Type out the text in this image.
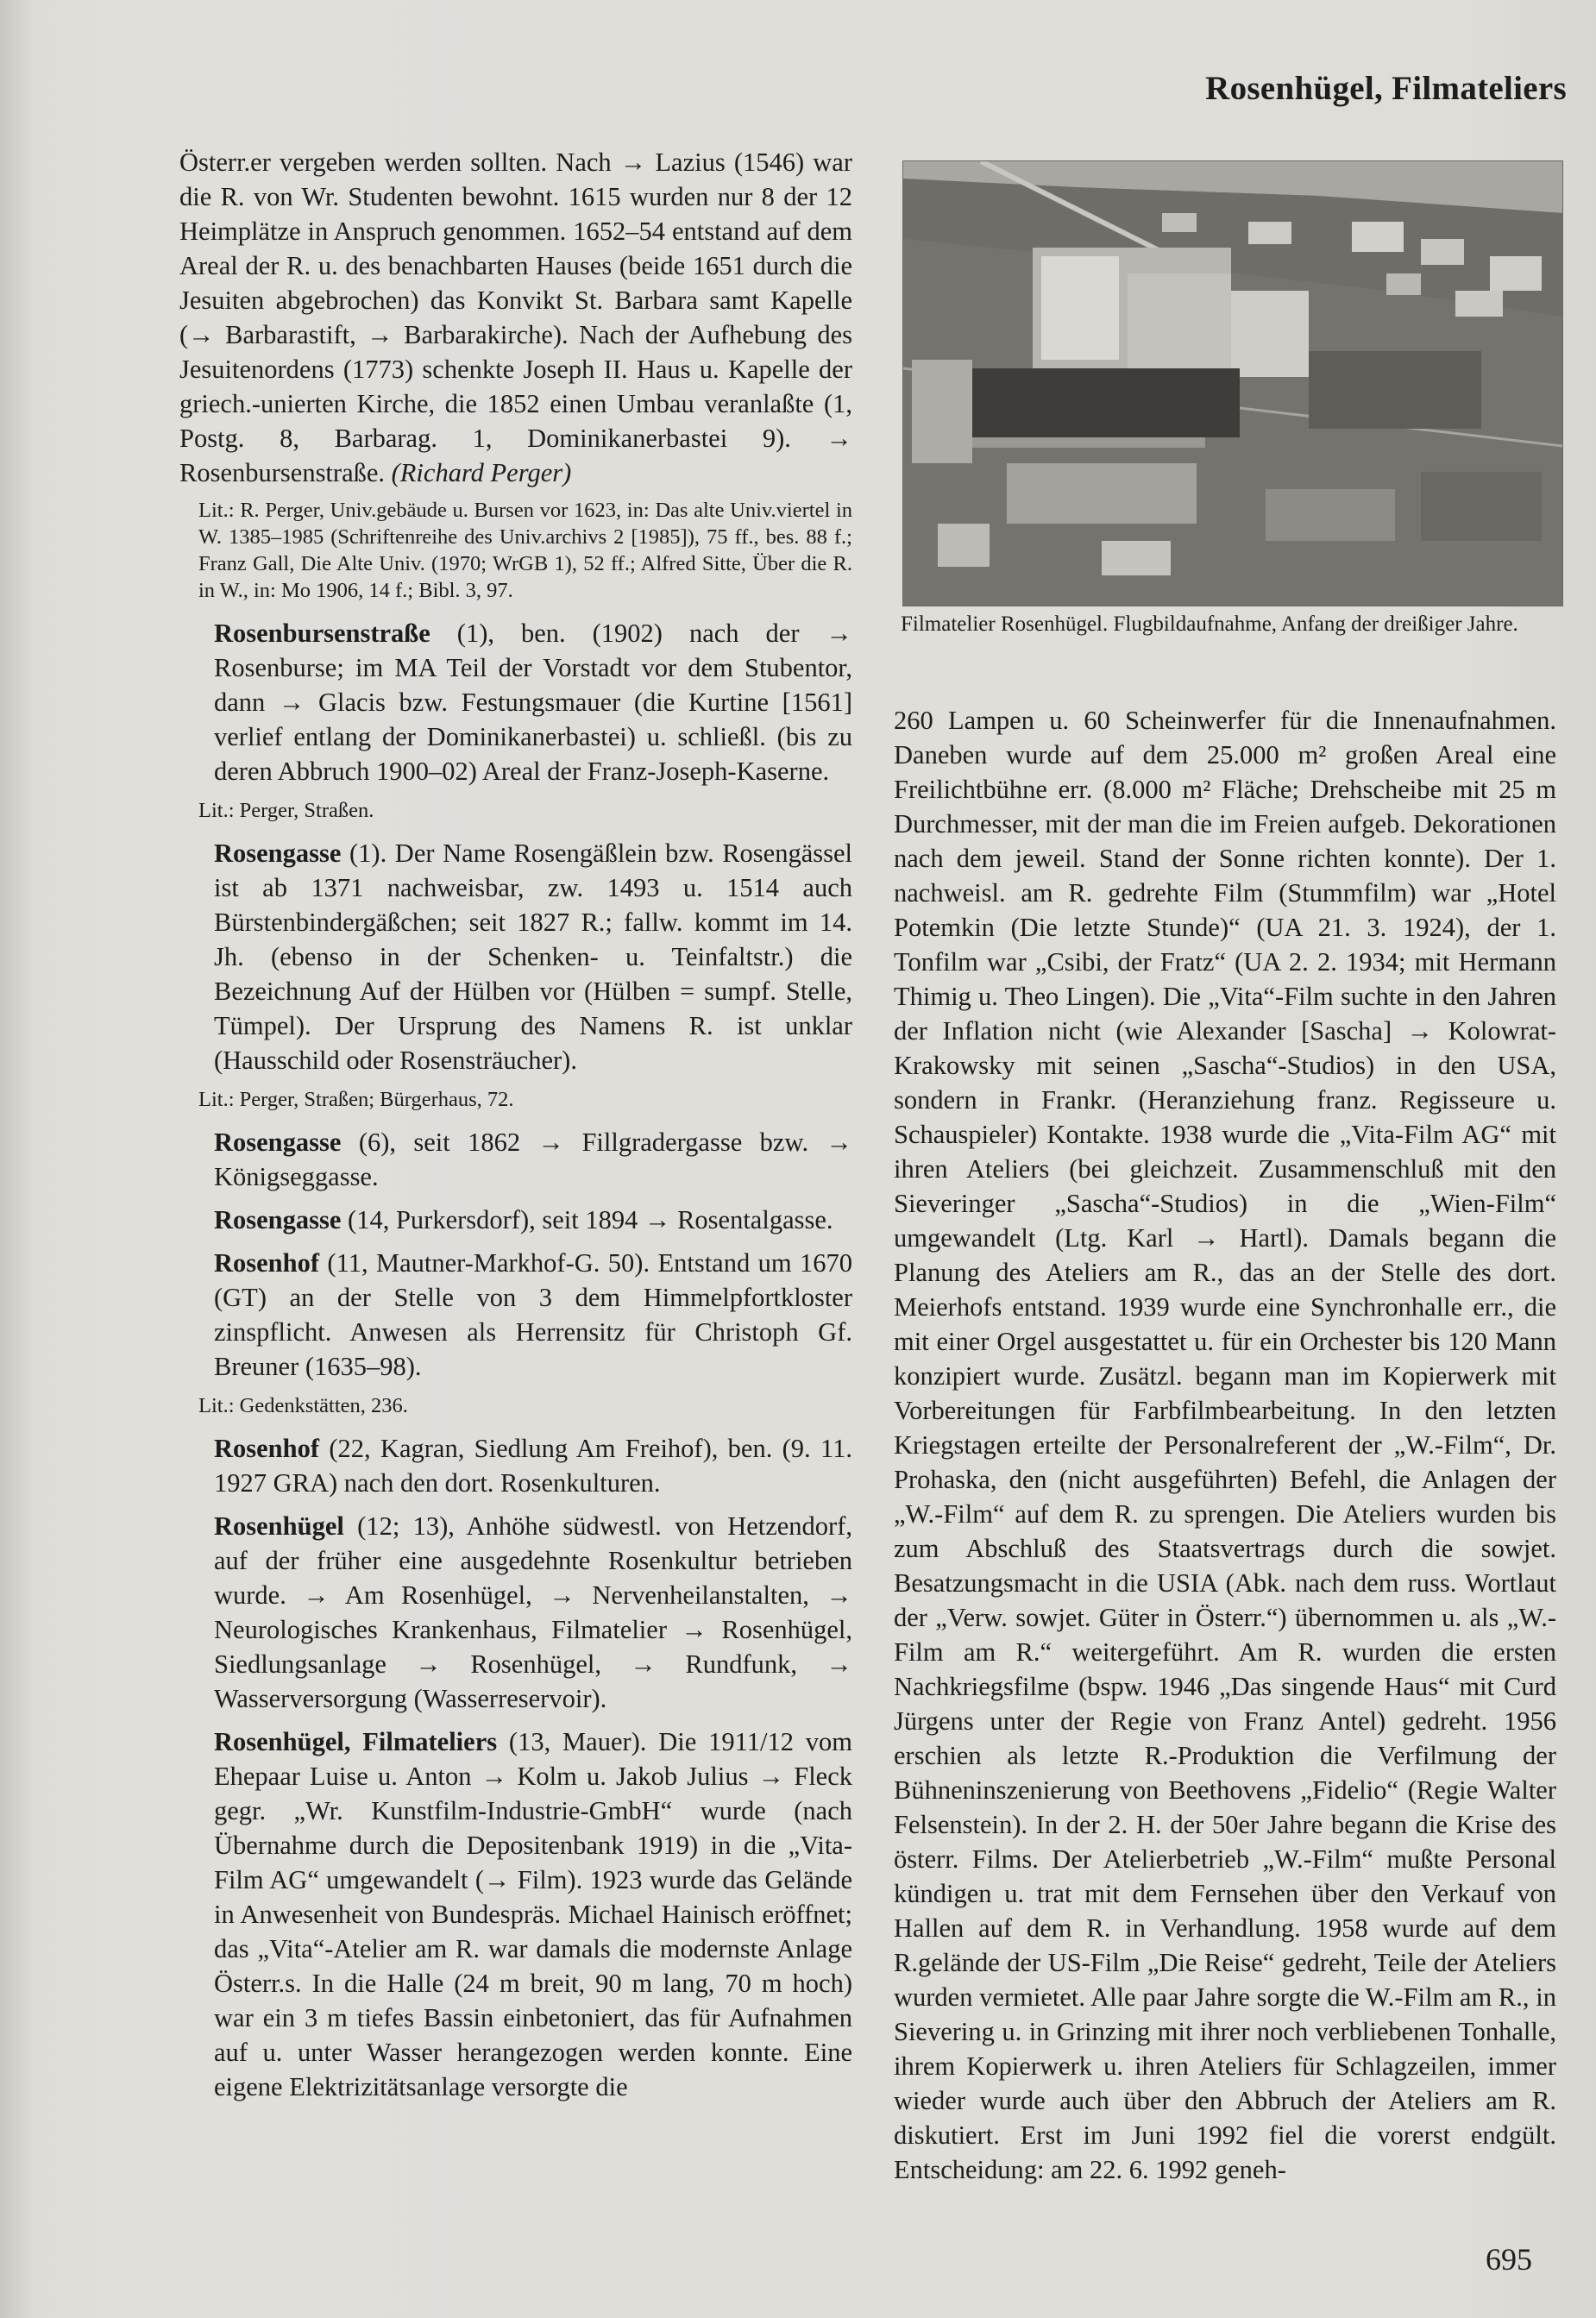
Rosenhügel, Filmateliers

Österr.er vergeben werden sollten. Nach → Lazius (1546) war die R. von Wr. Studenten bewohnt. 1615 wurden nur 8 der 12 Heimplätze in Anspruch genommen. 1652–54 entstand auf dem Areal der R. u. des benachbarten Hauses (beide 1651 durch die Jesuiten abgebrochen) das Konvikt St. Barbara samt Kapelle (→ Barbarastift, → Barbarakirche). Nach der Aufhebung des Jesuitenordens (1773) schenkte Joseph II. Haus u. Kapelle der griech.-unierten Kirche, die 1852 einen Umbau veranlaßte (1, Postg. 8, Barbarag. 1, Dominikanerbastei 9). → Rosenbursenstraße. (Richard Perger)

Lit.: R. Perger, Univ.gebäude u. Bursen vor 1623, in: Das alte Univ.viertel in W. 1385–1985 (Schriftenreihe des Univ.archivs 2 [1985]), 75 ff., bes. 88 f.; Franz Gall, Die Alte Univ. (1970; WrGB 1), 52 ff.; Alfred Sitte, Über die R. in W., in: Mo 1906, 14 f.; Bibl. 3, 97.

Rosenbursenstraße (1), ben. (1902) nach der → Rosenburse; im MA Teil der Vorstadt vor dem Stubentor, dann → Glacis bzw. Festungsmauer (die Kurtine [1561] verlief entlang der Dominikanerbastei) u. schließl. (bis zu deren Abbruch 1900–02) Areal der Franz-Joseph-Kaserne.

Lit.: Perger, Straßen.

Rosengasse (1). Der Name Rosengäßlein bzw. Rosengässel ist ab 1371 nachweisbar, zw. 1493 u. 1514 auch Bürstenbindergäßchen; seit 1827 R.; fallw. kommt im 14. Jh. (ebenso in der Schenken- u. Teinfaltstr.) die Bezeichnung Auf der Hülben vor (Hülben = sumpf. Stelle, Tümpel). Der Ursprung des Namens R. ist unklar (Hausschild oder Rosensträucher).

Lit.: Perger, Straßen; Bürgerhaus, 72.

Rosengasse (6), seit 1862 → Fillgradergasse bzw. → Königseggasse.

Rosengasse (14, Purkersdorf), seit 1894 → Rosentalgasse.

Rosenhof (11, Mautner-Markhof-G. 50). Entstand um 1670 (GT) an der Stelle von 3 dem Himmelpfortkloster zinspflicht. Anwesen als Herrensitz für Christoph Gf. Breuner (1635–98).

Lit.: Gedenkstätten, 236.

Rosenhof (22, Kagran, Siedlung Am Freihof), ben. (9. 11. 1927 GRA) nach den dort. Rosenkulturen.

Rosenhügel (12; 13), Anhöhe südwestl. von Hetzendorf, auf der früher eine ausgedehnte Rosenkultur betrieben wurde. → Am Rosenhügel, → Nervenheilanstalten, → Neurologisches Krankenhaus, Filmatelier → Rosenhügel, Siedlungsanlage → Rosenhügel, → Rundfunk, → Wasserversorgung (Wasserreservoir).

Rosenhügel, Filmateliers (13, Mauer). Die 1911/12 vom Ehepaar Luise u. Anton → Kolm u. Jakob Julius → Fleck gegr. „Wr. Kunstfilm-Industrie-GmbH“ wurde (nach Übernahme durch die Depositenbank 1919) in die „Vita-Film AG“ umgewandelt (→ Film). 1923 wurde das Gelände in Anwesenheit von Bundespräs. Michael Hainisch eröffnet; das „Vita“-Atelier am R. war damals die modernste Anlage Österr.s. In die Halle (24 m breit, 90 m lang, 70 m hoch) war ein 3 m tiefes Bassin einbetoniert, das für Aufnahmen auf u. unter Wasser herangezogen werden konnte. Eine eigene Elektrizitätsanlage versorgte die

Filmatelier Rosenhügel. Flugbildaufnahme, Anfang der dreißiger Jahre.

260 Lampen u. 60 Scheinwerfer für die Innenaufnahmen. Daneben wurde auf dem 25.000 m² großen Areal eine Freilichtbühne err. (8.000 m² Fläche; Drehscheibe mit 25 m Durchmesser, mit der man die im Freien aufgeb. Dekorationen nach dem jeweil. Stand der Sonne richten konnte). Der 1. nachweisl. am R. gedrehte Film (Stummfilm) war „Hotel Potemkin (Die letzte Stunde)“ (UA 21. 3. 1924), der 1. Tonfilm war „Csibi, der Fratz“ (UA 2. 2. 1934; mit Hermann Thimig u. Theo Lingen). Die „Vita“-Film suchte in den Jahren der Inflation nicht (wie Alexander [Sascha] → Kolowrat-Krakowsky mit seinen „Sascha“-Studios) in den USA, sondern in Frankr. (Heranziehung franz. Regisseure u. Schauspieler) Kontakte. 1938 wurde die „Vita-Film AG“ mit ihren Ateliers (bei gleichzeit. Zusammenschluß mit den Sieveringer „Sascha“-Studios) in die „Wien-Film“ umgewandelt (Ltg. Karl → Hartl). Damals begann die Planung des Ateliers am R., das an der Stelle des dort. Meierhofs entstand. 1939 wurde eine Synchronhalle err., die mit einer Orgel ausgestattet u. für ein Orchester bis 120 Mann konzipiert wurde. Zusätzl. begann man im Kopierwerk mit Vorbereitungen für Farbfilmbearbeitung. In den letzten Kriegstagen erteilte der Personalreferent der „W.-Film“, Dr. Prohaska, den (nicht ausgeführten) Befehl, die Anlagen der „W.-Film“ auf dem R. zu sprengen. Die Ateliers wurden bis zum Abschluß des Staatsvertrags durch die sowjet. Besatzungsmacht in die USIA (Abk. nach dem russ. Wortlaut der „Verw. sowjet. Güter in Österr.“) übernommen u. als „W.-Film am R.“ weitergeführt. Am R. wurden die ersten Nachkriegsfilme (bspw. 1946 „Das singende Haus“ mit Curd Jürgens unter der Regie von Franz Antel) gedreht. 1956 erschien als letzte R.-Produktion die Verfilmung der Bühneninszenierung von Beethovens „Fidelio“ (Regie Walter Felsenstein). In der 2. H. der 50er Jahre begann die Krise des österr. Films. Der Atelierbetrieb „W.-Film“ mußte Personal kündigen u. trat mit dem Fernsehen über den Verkauf von Hallen auf dem R. in Verhandlung. 1958 wurde auf dem R.gelände der US-Film „Die Reise“ gedreht, Teile der Ateliers wurden vermietet. Alle paar Jahre sorgte die W.-Film am R., in Sievering u. in Grinzing mit ihrer noch verbliebenen Tonhalle, ihrem Kopierwerk u. ihren Ateliers für Schlagzeilen, immer wieder wurde auch über den Abbruch der Ateliers am R. diskutiert. Erst im Juni 1992 fiel die vorerst endgült. Entscheidung: am 22. 6. 1992 geneh-

695
